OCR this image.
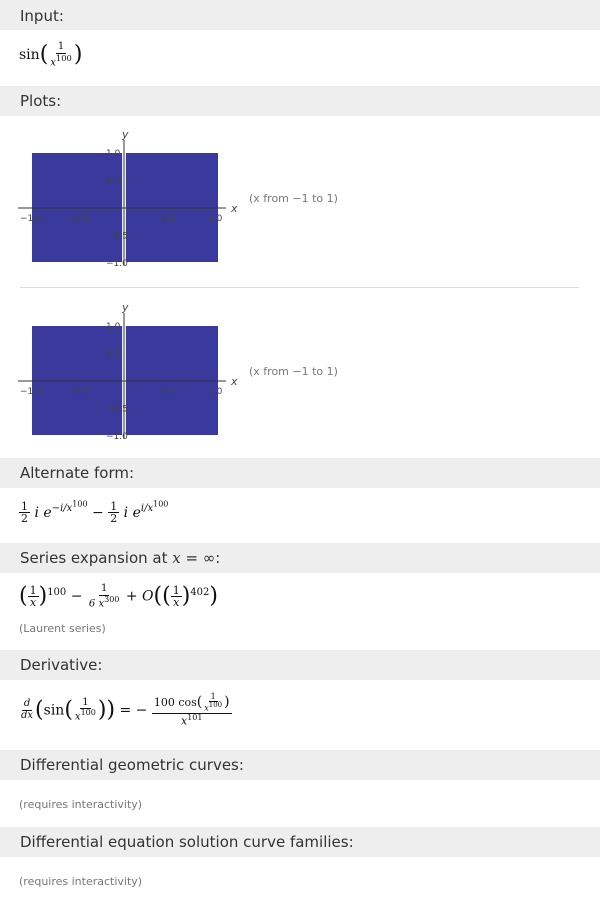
Input:
$\sin( \frac{1}{x^{100}}$ )
Plots:
x
y
−1.0	−0.5	0.5	1.0
1.0
0.5
−0.5
−1.0
(x from −1 to 1)
x
y
−1.0	−0.5	0.5	1.0
1.0
0.5
−0.5
−1.0
(x from −1 to 1)
Alternate form:
$\frac{1}{2}$ i $e^{-i/x^{100}} - \frac{1}{2}$ i $e^{i/x^{100}}$
Series expansion at x = ∞:
( $\frac{1}{x} )^{100} - \frac{1}{6 x^{300}} + O(( \frac{1}{x} )^{402})$
(Laurent series)
Derivative:
$\frac{d}{dx} (\sin( \frac{1}{x^{100}}$ )) = − $\frac{100 \cos( \frac{1}{x^{100}} )}{x^{101}}$
Differential geometric curves:
(requires interactivity)
Differential equation solution curve families:
(requires interactivity)
